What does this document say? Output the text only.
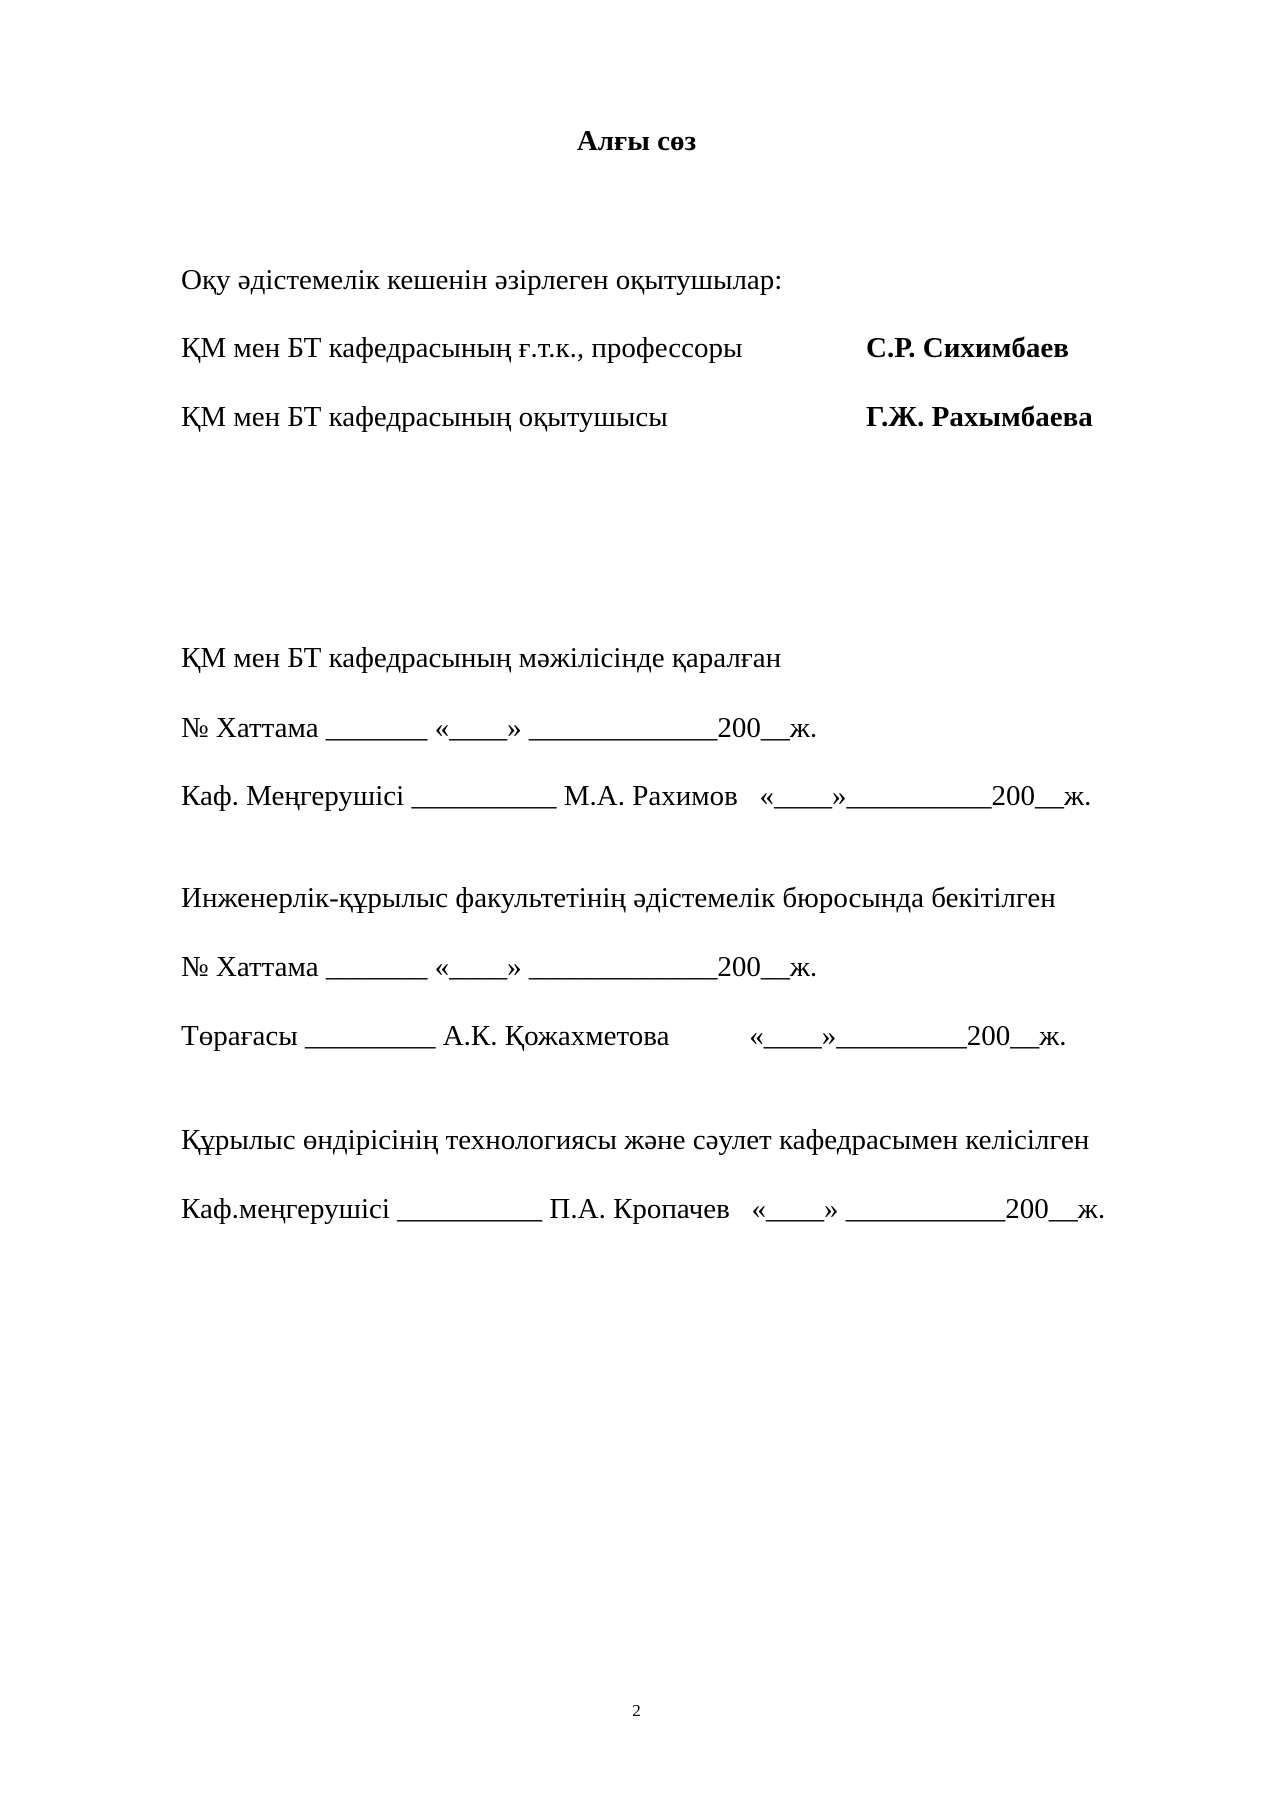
Алғы сөз
Оқу әдістемелік кешенін әзірлеген оқытушылар:
ҚМ мен БТ кафедрасының ғ.т.к., профессоры	С.Р. Сихимбаев
ҚМ мен БТ кафедрасының оқытушысы	Г.Ж. Рахымбаева
ҚМ мен БТ кафедрасының мәжілісінде қаралған
№ Хаттама _______ «____» _____________200__ж.
Каф. Меңгерушісі __________ М.А. Рахимов   «____»__________200__ж.
Инженерлік-құрылыс факультетінің әдістемелік бюросында бекітілген
№ Хаттама _______ «____» _____________200__ж.
Төрағасы _________ А.К. Қожахметова           «____»_________200__ж.
Құрылыс өндірісінің технологиясы және сәулет кафедрасымен келісілген
Каф.меңгерушісі __________ П.А. Кропачев   «____» ___________200__ж.
2
